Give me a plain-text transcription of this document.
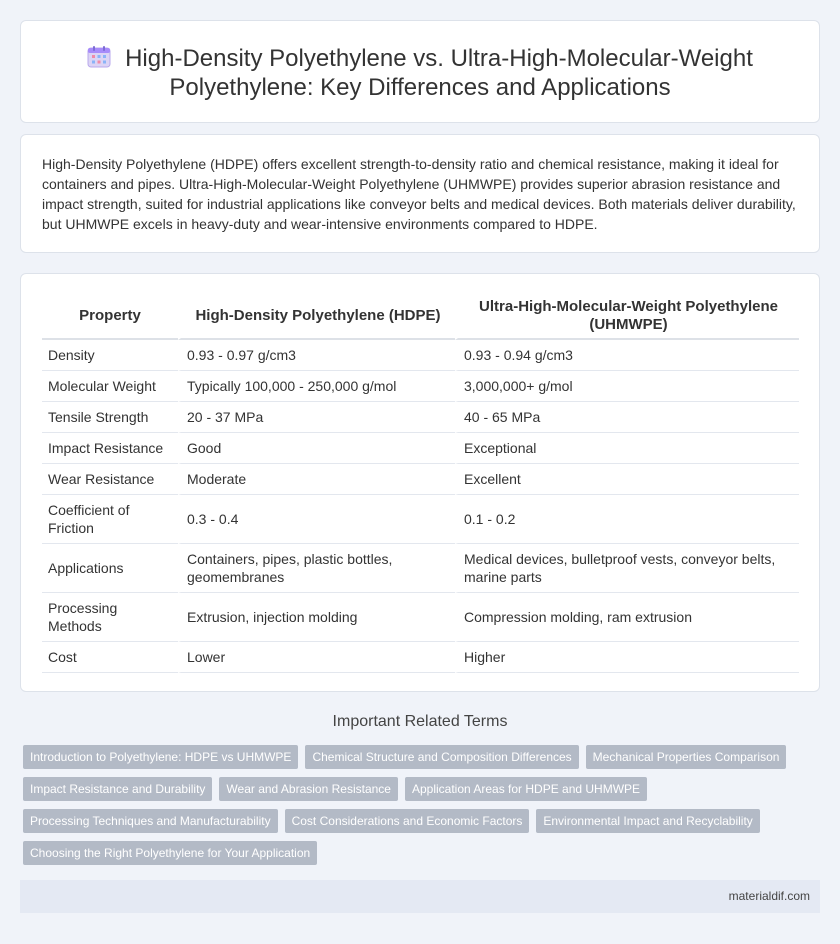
High-Density Polyethylene vs. Ultra-High-Molecular-Weight
Polyethylene: Key Differences and Applications

High-Density Polyethylene (HDPE) offers excellent strength-to-density ratio and chemical resistance, making it ideal for containers and pipes. Ultra-High-Molecular-Weight Polyethylene (UHMWPE) provides superior abrasion resistance and impact strength, suited for industrial applications like conveyor belts and medical devices. Both materials deliver durability, but UHMWPE excels in heavy-duty and wear-intensive environments compared to HDPE.

Property	High-Density Polyethylene (HDPE)	Ultra-High-Molecular-Weight Polyethylene (UHMWPE)
Density	0.93 - 0.97 g/cm3	0.93 - 0.94 g/cm3
Molecular Weight	Typically 100,000 - 250,000 g/mol	3,000,000+ g/mol
Tensile Strength	20 - 37 MPa	40 - 65 MPa
Impact Resistance	Good	Exceptional
Wear Resistance	Moderate	Excellent
Coefficient of Friction	0.3 - 0.4	0.1 - 0.2
Applications	Containers, pipes, plastic bottles, geomembranes	Medical devices, bulletproof vests, conveyor belts, marine parts
Processing Methods	Extrusion, injection molding	Compression molding, ram extrusion
Cost	Lower	Higher
Important Related Terms
Introduction to Polyethylene: HDPE vs UHMWPE Chemical Structure and Composition Differences Mechanical Properties Comparison
Impact Resistance and Durability Wear and Abrasion Resistance Application Areas for HDPE and UHMWPE
Processing Techniques and Manufacturability Cost Considerations and Economic Factors Environmental Impact and Recyclability
Choosing the Right Polyethylene for Your Application
materialdif.com
